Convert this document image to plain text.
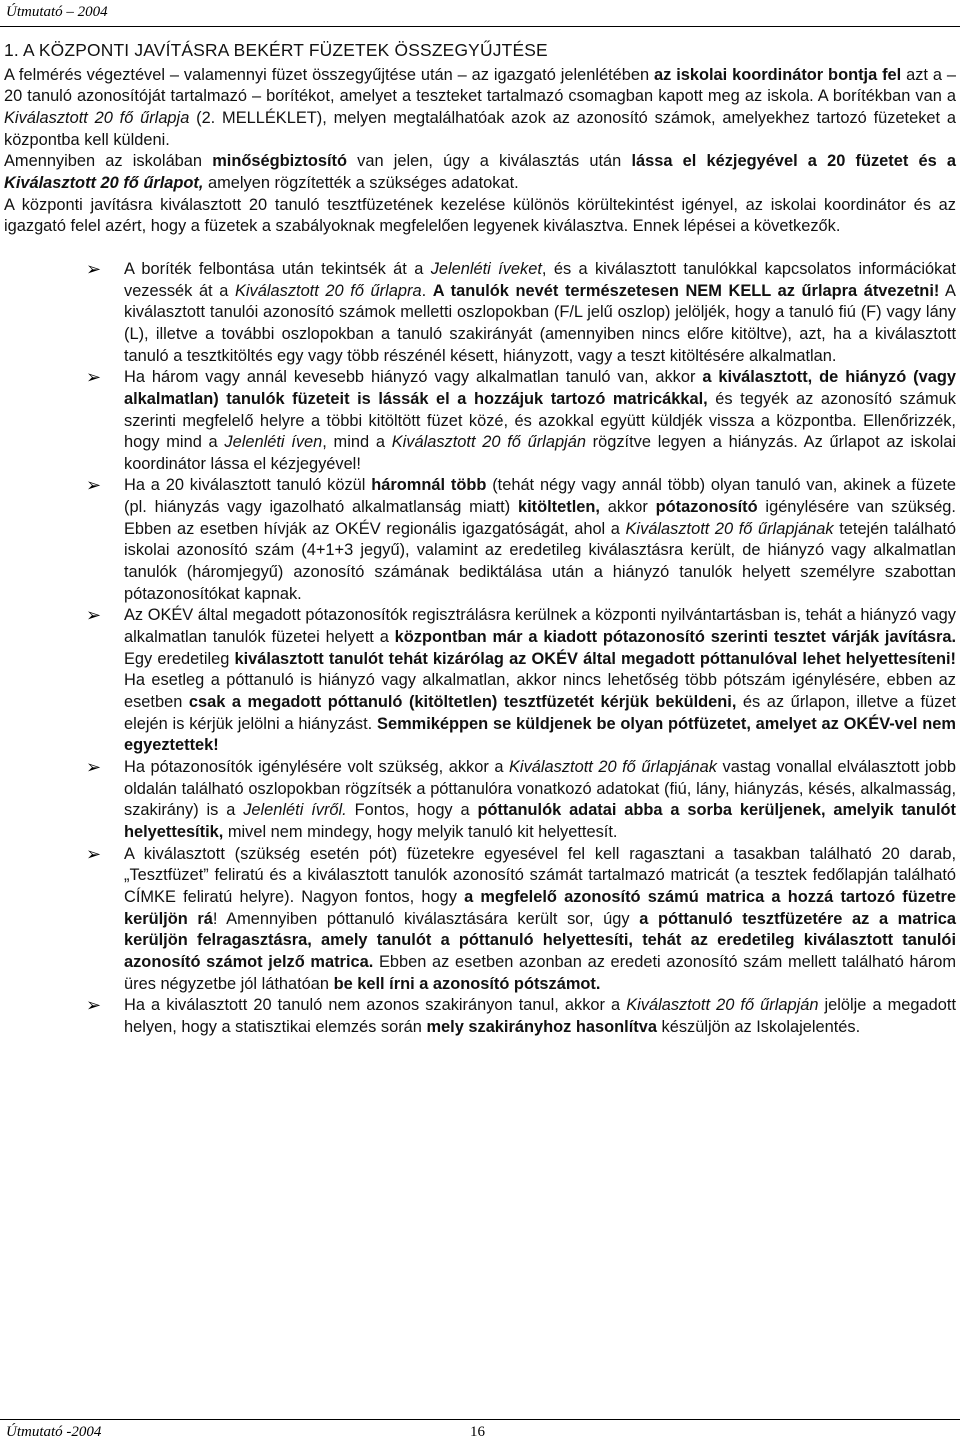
Útmutató – 2004
1. A KÖZPONTI JAVÍTÁSRA BEKÉRT FÜZETEK ÖSSZEGYŰJTÉSE

A felmérés végeztével – valamennyi füzet összegyűjtése után – az igazgató jelenlétében az iskolai koordinátor bontja fel azt a – 20 tanuló azonosítóját tartalmazó – borítékot, amelyet a teszteket tartalmazó csomagban kapott meg az iskola. A borítékban van a Kiválasztott 20 fő űrlapja (2. MELLÉKLET), melyen megtalálhatóak azok az azonosító számok, amelyekhez tartozó füzeteket a központba kell küldeni.

Amennyiben az iskolában minőségbiztosító van jelen, úgy a kiválasztás után lássa el kézjegyével a 20 füzetet és a Kiválasztott 20 fő űrlapot, amelyen rögzítették a szükséges adatokat.

A központi javításra kiválasztott 20 tanuló tesztfüzetének kezelése különös körültekintést igényel, az iskolai koordinátor és az igazgató felel azért, hogy a füzetek a szabályoknak megfelelően legyenek kiválasztva. Ennek lépései a következők.

➢ A boríték felbontása után tekintsék át a Jelenléti íveket, és a kiválasztott tanulókkal kapcsolatos információkat vezessék át a Kiválasztott 20 fő űrlapra. A tanulók nevét természetesen NEM KELL az űrlapra átvezetni! A kiválasztott tanulói azonosító számok melletti oszlopokban (F/L jelű oszlop) jelöljék, hogy a tanuló fiú (F) vagy lány (L), illetve a további oszlopokban a tanuló szakirányát (amennyiben nincs előre kitöltve), azt, ha a kiválasztott tanuló a tesztkitöltés egy vagy több részénél késett, hiányzott, vagy a teszt kitöltésére alkalmatlan.
➢ Ha három vagy annál kevesebb hiányzó vagy alkalmatlan tanuló van, akkor a kiválasztott, de hiányzó (vagy alkalmatlan) tanulók füzeteit is lássák el a hozzájuk tartozó matricákkal, és tegyék az azonosító számuk szerinti megfelelő helyre a többi kitöltött füzet közé, és azokkal együtt küldjék vissza a központba. Ellenőrizzék, hogy mind a Jelenléti íven, mind a Kiválasztott 20 fő űrlapján rögzítve legyen a hiányzás. Az űrlapot az iskolai koordinátor lássa el kézjegyével!
➢ Ha a 20 kiválasztott tanuló közül háromnál több (tehát négy vagy annál több) olyan tanuló van, akinek a füzete (pl. hiányzás vagy igazolható alkalmatlanság miatt) kitöltetlen, akkor pótazonosító igénylésére van szükség. Ebben az esetben hívják az OKÉV regionális igazgatóságát, ahol a Kiválasztott 20 fő űrlapjának tetején található iskolai azonosító szám (4+1+3 jegyű), valamint az eredetileg kiválasztásra került, de hiányzó vagy alkalmatlan tanulók (háromjegyű) azonosító számának bediktálása után a hiányzó tanulók helyett személyre szabottan pótazonosítókat kapnak.
➢ Az OKÉV által megadott pótazonosítók regisztrálásra kerülnek a központi nyilvántartásban is, tehát a hiányzó vagy alkalmatlan tanulók füzetei helyett a központban már a kiadott pótazonosító szerinti tesztet várják javításra. Egy eredetileg kiválasztott tanulót tehát kizárólag az OKÉV által megadott póttanulóval lehet helyettesíteni! Ha esetleg a póttanuló is hiányzó vagy alkalmatlan, akkor nincs lehetőség több pótszám igénylésére, ebben az esetben csak a megadott póttanuló (kitöltetlen) tesztfüzetét kérjük beküldeni, és az űrlapon, illetve a füzet elején is kérjük jelölni a hiányzást. Semmiképpen se küldjenek be olyan pótfüzetet, amelyet az OKÉV-vel nem egyeztettek!
➢ Ha pótazonosítók igénylésére volt szükség, akkor a Kiválasztott 20 fő űrlapjának vastag vonallal elválasztott jobb oldalán található oszlopokban rögzítsék a póttanulóra vonatkozó adatokat (fiú, lány, hiányzás, késés, alkalmasság, szakirány) is a Jelenléti ívről. Fontos, hogy a póttanulók adatai abba a sorba kerüljenek, amelyik tanulót helyettesítik, mivel nem mindegy, hogy melyik tanuló kit helyettesít.
➢ A kiválasztott (szükség esetén pót) füzetekre egyesével fel kell ragasztani a tasakban található 20 darab, „Tesztfüzet” feliratú és a kiválasztott tanulók azonosító számát tartalmazó matricát (a tesztek fedőlapján található CÍMKE feliratú helyre). Nagyon fontos, hogy a megfelelő azonosító számú matrica a hozzá tartozó füzetre kerüljön rá! Amennyiben póttanuló kiválasztására került sor, úgy a póttanuló tesztfüzetére az a matrica kerüljön felragasztásra, amely tanulót a póttanuló helyettesíti, tehát az eredetileg kiválasztott tanulói azonosító számot jelző matrica. Ebben az esetben azonban az eredeti azonosító szám mellett található három üres négyzetbe jól láthatóan be kell írni a azonosító pótszámot.
➢ Ha a kiválasztott 20 tanuló nem azonos szakirányon tanul, akkor a Kiválasztott 20 fő űrlapján jelölje a megadott helyen, hogy a statisztikai elemzés során mely szakirányhoz hasonlítva készüljön az Iskolajelentés.
Útmutató -2004	16
